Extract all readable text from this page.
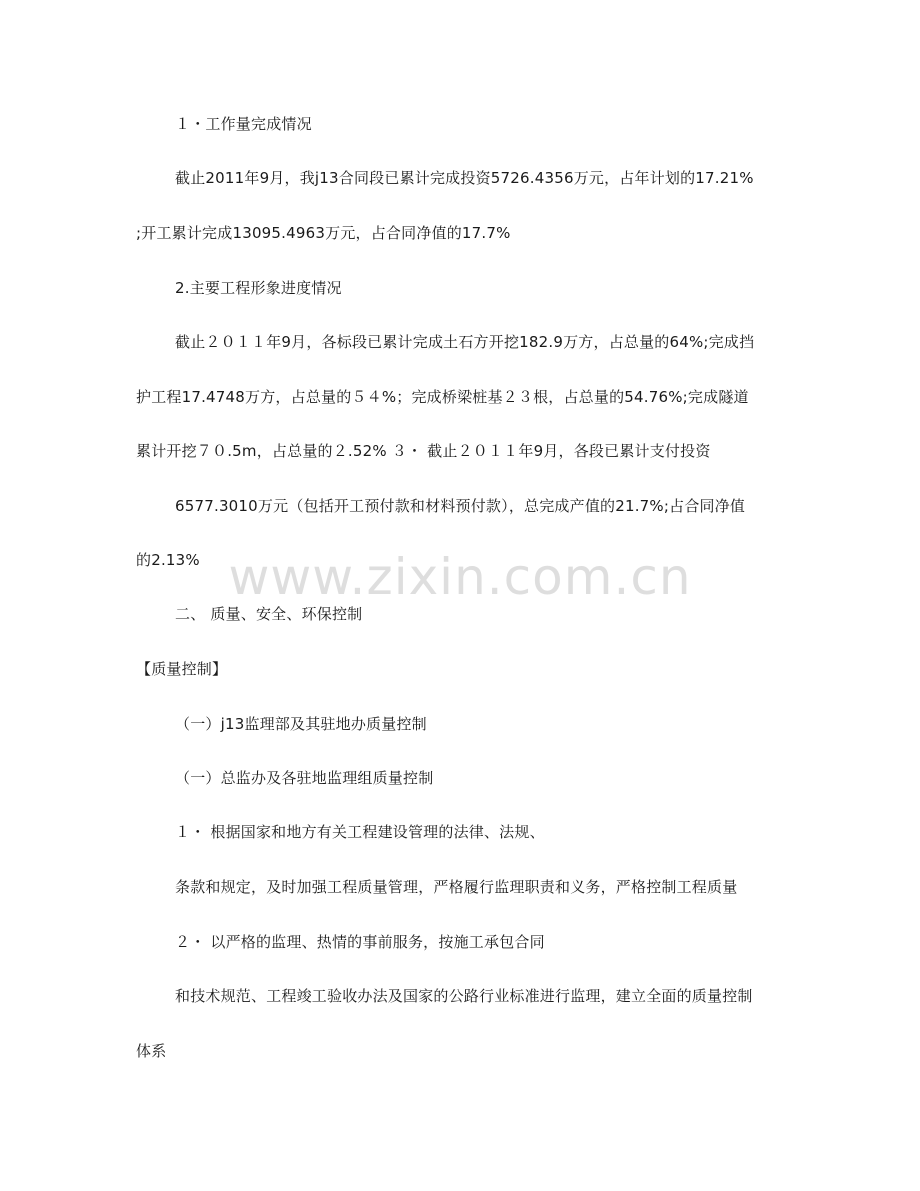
１・工作量完成情况
截止2011年9月，我j13合同段已累计完成投资5726.4356万元，占年计划的17.21%
;开工累计完成13095.4963万元，占合同净值的17.7%
2.主要工程形象进度情况
截止２０１１年9月，各标段已累计完成土石方开挖182.9万方，占总量的64%;完成挡
护工程17.4748万方，占总量的５４%；完成桥梁桩基２３根，占总量的54.76%;完成隧道
累计开挖７０.5m，占总量的２.52% ３・ 截止２０１１年9月，各段已累计支付投资
6577.3010万元（包括开工预付款和材料预付款），总完成产值的21.7%;占合同净值
的2.13%
二、 质量、安全、环保控制
【质量控制】
（一）j13监理部及其驻地办质量控制
（一）总监办及各驻地监理组质量控制
１・ 根据国家和地方有关工程建设管理的法律、法规、
条款和规定，及时加强工程质量管理，严格履行监理职责和义务，严格控制工程质量
２・ 以严格的监理、热情的事前服务，按施工承包合同
和技术规范、工程竣工验收办法及国家的公路行业标准进行监理，建立全面的质量控制
体系
www.zixin.com.cn
